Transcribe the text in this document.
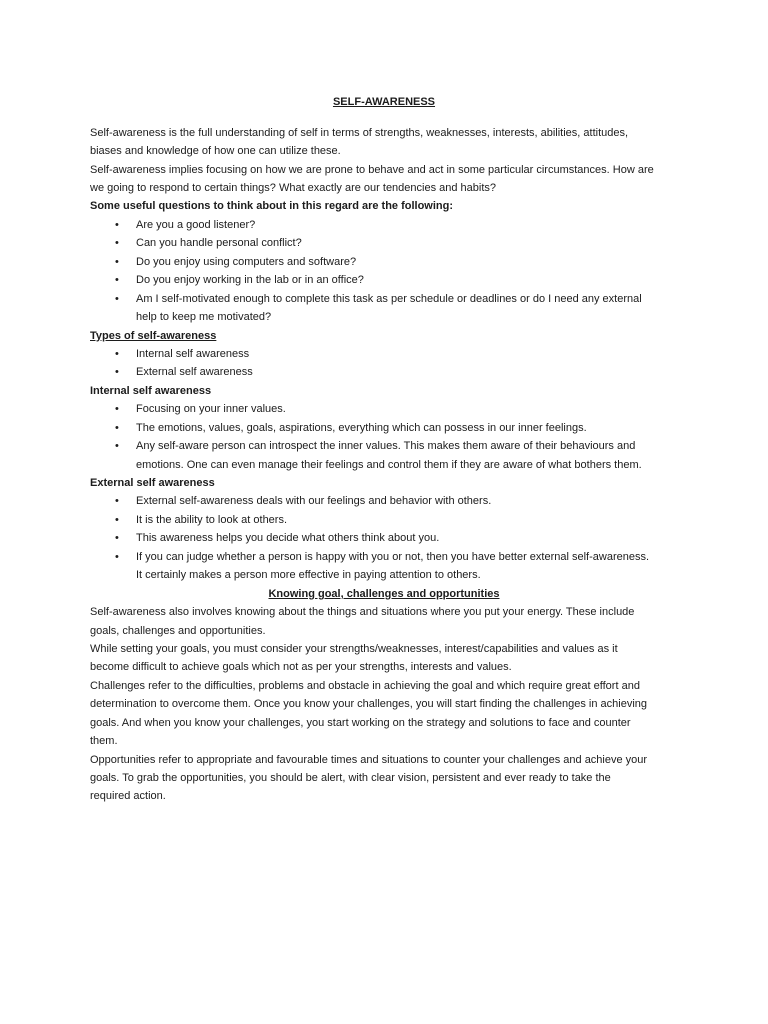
SELF-AWARENESS
Self-awareness is the full understanding of self in terms of strengths, weaknesses, interests, abilities, attitudes,
biases and knowledge of how one can utilize these.
Self-awareness implies focusing on how we are prone to behave and act in some particular circumstances. How are
we going to respond to certain things? What exactly are our tendencies and habits?
Some useful questions to think about in this regard are the following:
• Are you a good listener?
• Can you handle personal conflict?
• Do you enjoy using computers and software?
• Do you enjoy working in the lab or in an office?
• Am I self-motivated enough to complete this task as per schedule or deadlines or do I need any external
help to keep me motivated?
Types of self-awareness
• Internal self awareness
• External self awareness
Internal self awareness
• Focusing on your inner values.
• The emotions, values, goals, aspirations, everything which can possess in our inner feelings.
• Any self-aware person can introspect the inner values. This makes them aware of their behaviours and
emotions. One can even manage their feelings and control them if they are aware of what bothers them.
External self awareness
• External self-awareness deals with our feelings and behavior with others.
• It is the ability to look at others.
• This awareness helps you decide what others think about you.
• If you can judge whether a person is happy with you or not, then you have better external self-awareness.
It certainly makes a person more effective in paying attention to others.
Knowing goal, challenges and opportunities
Self-awareness also involves knowing about the things and situations where you put your energy. These include
goals, challenges and opportunities.
While setting your goals, you must consider your strengths/weaknesses, interest/capabilities and values as it
become difficult to achieve goals which not as per your strengths, interests and values.
Challenges refer to the difficulties, problems and obstacle in achieving the goal and which require great effort and
determination to overcome them. Once you know your challenges, you will start finding the challenges in achieving
goals. And when you know your challenges, you start working on the strategy and solutions to face and counter
them.
Opportunities refer to appropriate and favourable times and situations to counter your challenges and achieve your
goals. To grab the opportunities, you should be alert, with clear vision, persistent and ever ready to take the
required action.
